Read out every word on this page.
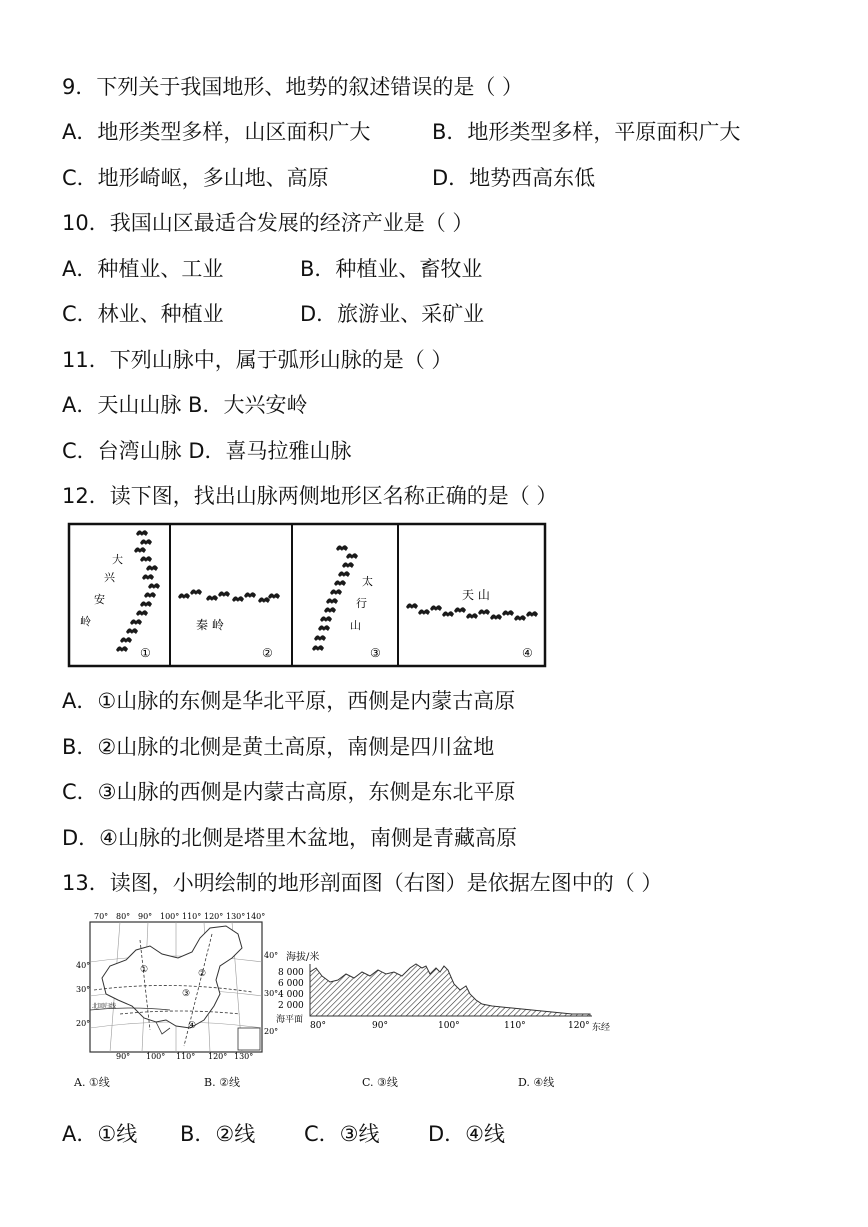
9．下列关于我国地形、地势的叙述错误的是（ ）
A．地形类型多样，山区面积广大	B．地形类型多样，平原面积广大
C．地形崎岖，多山地、高原	D．地势西高东低
10．我国山区最适合发展的经济产业是（ ）
A．种植业、工业	B．种植业、畜牧业
C．林业、种植业	D．旅游业、采矿业
11．下列山脉中，属于弧形山脉的是（ ）
A．天山山脉 B．大兴安岭
C．台湾山脉 D．喜马拉雅山脉
12．读下图，找出山脉两侧地形区名称正确的是（ ）
大
兴
安
岭
①
秦 岭
②
太
行
山
③
天 山
④
A．①山脉的东侧是华北平原，西侧是内蒙古高原
B．②山脉的北侧是黄土高原，南侧是四川盆地
C．③山脉的西侧是内蒙古高原，东侧是东北平原
D．④山脉的北侧是塔里木盆地，南侧是青藏高原
13．读图，小明绘制的地形剖面图（右图）是依据左图中的（ ）
70° 80° 90° 100° 110° 120° 130° 140°
40°
30°
20°
40°
30°
20°
90° 100° 110° 120° 130°
北回归线
①	②
③
④
海拔/米
8 000
6 000
4 000
2 000
海平面
80°	90°	100°	110°	120° 东经
A. ①线	B. ②线	C. ③线	D. ④线
A．①线 B．②线 C．③线 D．④线
